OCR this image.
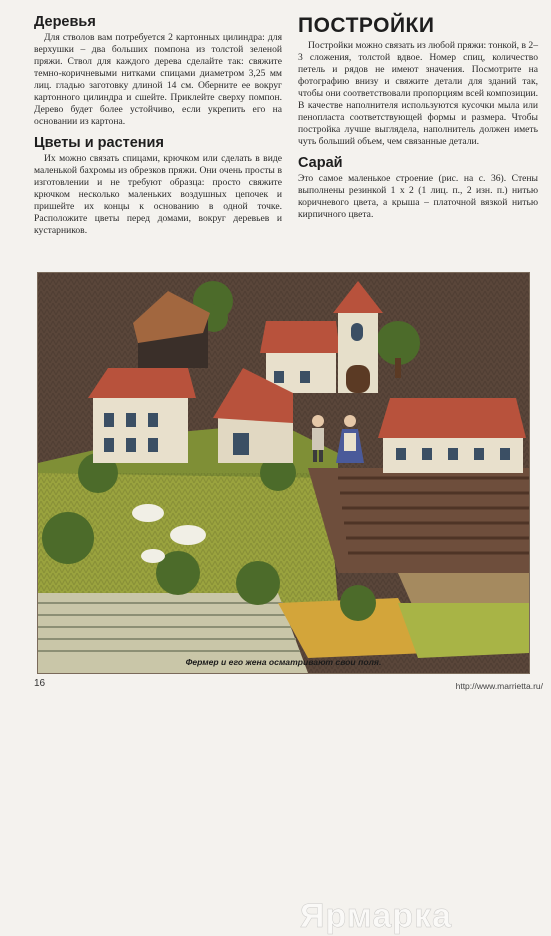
Деревья

Для стволов вам потребуется 2 картонных цилиндра: для верхушки – два больших помпона из толстой зеленой пряжи. Ствол для каждого дерева сделайте так: свяжите темно-коричневыми нитками спицами диаметром 3,25 мм лиц. гладью заготовку длиной 14 см. Оберните ее вокруг картонного цилиндра и сшейте. Приклейте сверху помпон. Дерево будет более устойчиво, если укрепить его на основании из картона.

Цветы и растения

Их можно связать спицами, крючком или сделать в виде маленькой бахромы из обрезков пряжи. Они очень просты в изготовлении и не требуют образца: просто свяжите крючком несколько маленьких воздушных цепочек и пришейте их концы к основанию в одной точке. Расположите цветы перед домами, вокруг деревьев и кустарников.

ПОСТРОЙКИ

Постройки можно связать из любой пряжи: тонкой, в 2–3 сложения, толстой вдвое. Номер спиц, количество петель и рядов не имеют значения. Посмотрите на фотографию внизу и свяжите детали для зданий так, чтобы они соответствовали пропорциям всей композиции. В качестве наполнителя используются кусочки мыла или пенопласта соответствующей формы и размера. Чтобы постройка лучше выглядела, наполнитель должен иметь чуть больший объем, чем связанные детали.

Сарай

Это самое маленькое строение (рис. на с. 36). Стены выполнены резинкой 1 х 2 (1 лиц. п., 2 изн. п.) нитью коричневого цвета, а крыша – платочной вязкой нитью кирпичного цвета.

Ярмарка
Фермер и его жена осматривают свои поля.
16	http://www.marrietta.ru/
